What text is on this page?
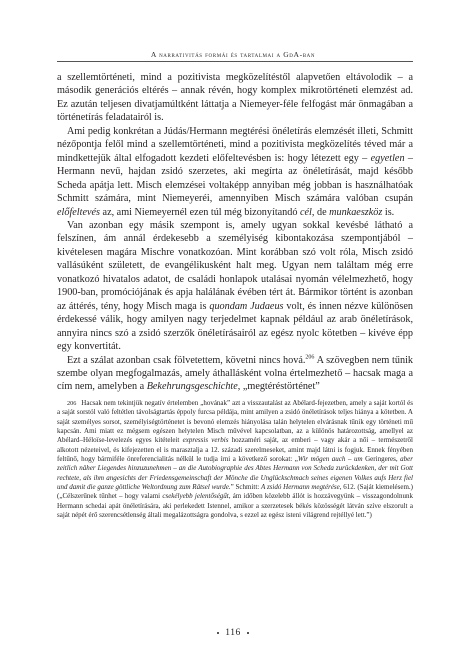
A narrativitás formái és tartalmai a GdA-ban

a szellemtörténeti, mind a pozitivista megközelítéstől alapvetően eltávolodik – a második generációs eltérés – annak révén, hogy komplex mikrotörténeti elemzést ad. Ez azután teljesen divatjamúltként láttatja a Niemeyer-féle felfogást már önmagában a történetírás feladatairól is.

Ami pedig konkrétan a Júdás/Hermann megtérési önéletírás elemzését illeti, Schmitt nézőpontja felől mind a szellemtörténeti, mind a pozitivista megközelítés téved már a mindkettejük által elfogadott kezdeti előfeltevésben is: hogy létezett egy – egyetlen – Hermann nevű, hajdan zsidó szerzetes, aki megírta az önéletírását, majd később Scheda apátja lett. Misch elemzései voltaképp annyiban még jobban is használhatóak Schmitt számára, mint Niemeyeréi, amennyiben Misch számára valóban csupán előfeltevés az, ami Niemeyernél ezen túl még bizonyítandó cél, de munkaeszköz is.

Van azonban egy másik szempont is, amely ugyan sokkal kevésbé látható a felszínen, ám annál érdekesebb a személyiség kibontakozása szempontjából – kivételesen magára Mischre vonatkozóan. Mint korábban szó volt róla, Misch zsidó vallásúként született, de evangélikusként halt meg. Ugyan nem találtam még erre vonatkozó hivatalos adatot, de családi honlapok utalásai nyomán vélelmezhető, hogy 1900-ban, promóciójának és apja halálának évében tért át. Bármikor történt is azonban az áttérés, tény, hogy Misch maga is quondam Judaeus volt, és innen nézve különösen érdekessé válik, hogy amilyen nagy terjedelmet kapnak például az arab önéletírások, annyira nincs szó a zsidó szerzők önéletírásairól az egész nyolc kötetben – kivéve épp egy konvertitát.

Ezt a szálat azonban csak fölvetettem, követni nincs hová.$^{206}$ A szövegben nem tűnik szembe olyan megfogalmazás, amely áthallásként volna értelmezhető – hacsak maga a cím nem, amelyben a Bekehrungsgeschichte, „megtéréstörténet”

206 Hacsak nem tekintjük negatív értelemben „hovának” azt a visszautalást az Abélard-fejezetben, amely a saját kortól és a saját sorstól való feltétlen távolságtartás éppoly furcsa példája, mint amilyen a zsidó önéletírások teljes hiánya a kötetben. A saját személyes sorsot, személyiségtörténetet is bevonó elemzés hiányolása talán helytelen elvárásnak tűnik egy történeti mű kapcsán. Ami miatt ez mégsem egészen helytelen Misch művével kapcsolatban, az a különös határozottság, amellyel az Abélard–Héloïse-levelezés egyes kitételeit expressis verbis hozzaméri saját, az emberi – vagy akár a női – természetről alkotott nézeteivel, és kifejezetten el is marasztalja a 12. századi szerelmeseket, amint majd látni is fogjuk. Ennek fényében feltűnő, hogy bármiféle önreferencialitás nélkül le tudja írni a következő sorokat: „Wir mögen auch – um Geringeres, aber zeitlich näher Liegendes hinzuzunehmen – an die Autobiographie des Abtes Hermann von Scheda zurückdenken, der mit Gott rechtete, als ihm angesichts der Friedensgemeinschaft der Mönche die Unglückschmach seines eigenen Volkes aufs Herz fiel und damit die ganze göttliche Weltordnung zum Rätsel wurde.” Schmitt: A zsidó Hermann megtérése, 612. (Saját kiemelésem.) („Célszerűnek tűnhet – hogy valami csekélyebb jelentőségűt, ám időben közelebb állót is hozzávegyünk – visszagondolnunk Hermann schedai apát önéletírására, aki perlekedett Istennel, amikor a szerzetesek békés közösségét látván szíve elszorult a saját népét érő szerencsétlenség általi megalázottságra gondolva, s ezzel az egész isteni világrend rejtéllyé lett.”)

116
